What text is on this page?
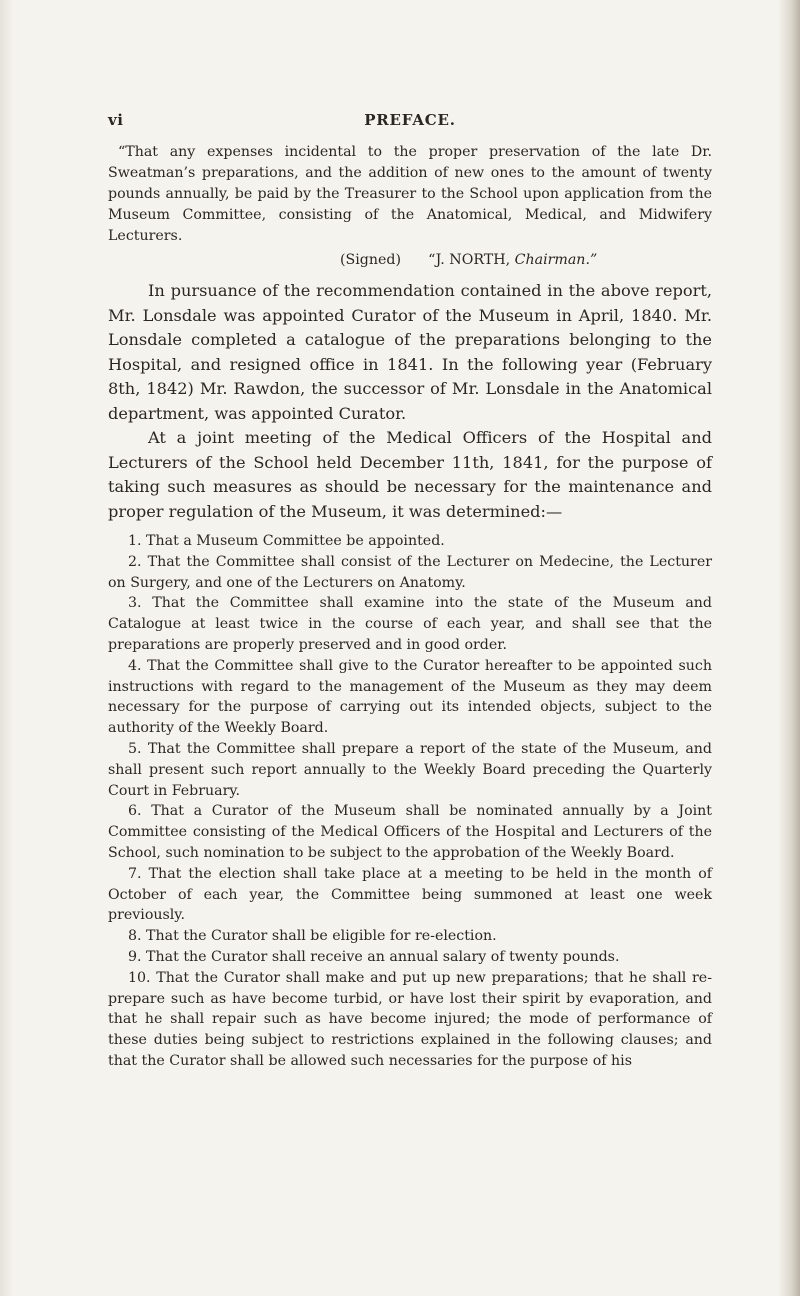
vi	PREFACE.

“That any expenses incidental to the proper preservation of the late Dr. Sweatman’s preparations, and the addition of new ones to the amount of twenty pounds annually, be paid by the Treasurer to the School upon application from the Museum Committee, consisting of the Anatomical, Medical, and Midwifery Lecturers.

(Signed) “J. NORTH, Chairman.”

In pursuance of the recommendation contained in the above report, Mr. Lonsdale was appointed Curator of the Museum in April, 1840. Mr. Lonsdale completed a catalogue of the preparations belonging to the Hospital, and resigned office in 1841. In the following year (February 8th, 1842) Mr. Rawdon, the successor of Mr. Lonsdale in the Anatomical department, was appointed Curator.

At a joint meeting of the Medical Officers of the Hospital and Lecturers of the School held December 11th, 1841, for the purpose of taking such measures as should be necessary for the maintenance and proper regulation of the Museum, it was determined:—

1. That a Museum Committee be appointed.

2. That the Committee shall consist of the Lecturer on Medecine, the Lecturer on Surgery, and one of the Lecturers on Anatomy.

3. That the Committee shall examine into the state of the Museum and Catalogue at least twice in the course of each year, and shall see that the preparations are properly preserved and in good order.

4. That the Committee shall give to the Curator hereafter to be appointed such instructions with regard to the management of the Museum as they may deem necessary for the purpose of carrying out its intended objects, subject to the authority of the Weekly Board.

5. That the Committee shall prepare a report of the state of the Museum, and shall present such report annually to the Weekly Board preceding the Quarterly Court in February.

6. That a Curator of the Museum shall be nominated annually by a Joint Committee consisting of the Medical Officers of the Hospital and Lecturers of the School, such nomination to be subject to the approbation of the Weekly Board.

7. That the election shall take place at a meeting to be held in the month of October of each year, the Committee being summoned at least one week previously.

8. That the Curator shall be eligible for re-election.

9. That the Curator shall receive an annual salary of twenty pounds.

10. That the Curator shall make and put up new preparations; that he shall re-prepare such as have become turbid, or have lost their spirit by evaporation, and that he shall repair such as have become injured; the mode of performance of these duties being subject to restrictions explained in the following clauses; and that the Curator shall be allowed such necessaries for the purpose of his
